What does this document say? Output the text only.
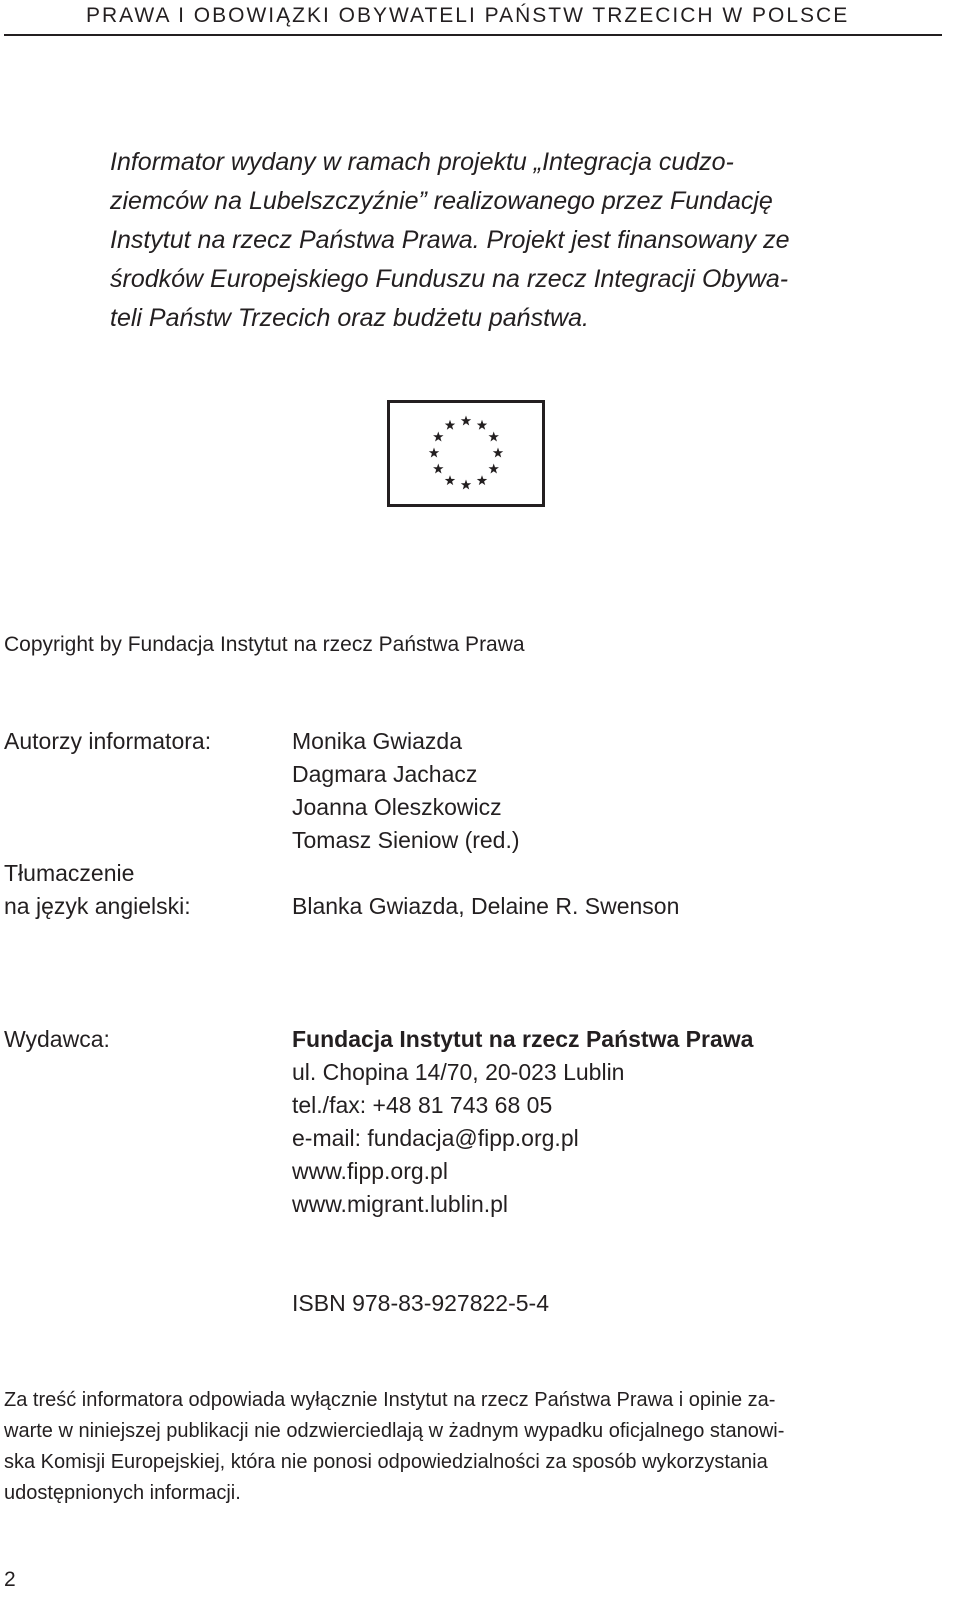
PRAWA I OBOWIĄZKI OBYWATELI PAŃSTW TRZECICH W POLSCE

Informator wydany w ramach projektu „Integracja cudzo-
ziemców na Lubelszczyźnie” realizowanego przez Fundację
Instytut na rzecz Państwa Prawa. Projekt jest finansowany ze
środków Europejskiego Funduszu na rzecz Integracji Obywa-
teli Państw Trzecich oraz budżetu państwa.

Copyright by Fundacja Instytut na rzecz Państwa Prawa
Autorzy informatora:	Monika Gwiazda
Dagmara Jachacz
Joanna Oleszkowicz
Tomasz Sieniow (red.)
Tłumaczenie
na język angielski:	Blanka Gwiazda, Delaine R. Swenson
Wydawca:	Fundacja Instytut na rzecz Państwa Prawa
ul. Chopina 14/70, 20-023 Lublin
tel./fax: +48 81 743 68 05
e-mail: fundacja@fipp.org.pl
www.fipp.org.pl
www.migrant.lublin.pl
ISBN 978-83-927822-5-4

Za treść informatora odpowiada wyłącznie Instytut na rzecz Państwa Prawa i opinie za-
warte w niniejszej publikacji nie odzwierciedlają w żadnym wypadku oficjalnego stanowi-
ska Komisji Europejskiej, która nie ponosi odpowiedzialności za sposób wykorzystania
udostępnionych informacji.

2
